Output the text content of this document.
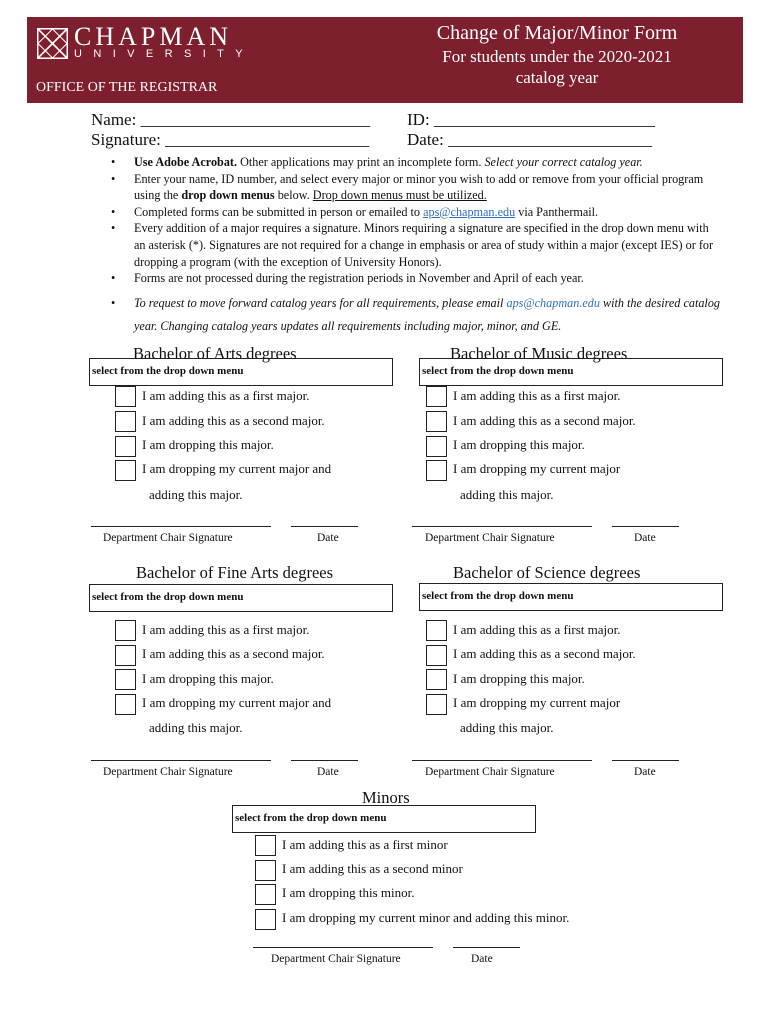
CHAPMAN
UNIVERSITY
OFFICE OF THE REGISTRAR
Change of Major/Minor Form
For students under the 2020-2021
catalog year
Name: ___________________________
Signature: ________________________
ID: __________________________
Date: ________________________
• Use Adobe Acrobat. Other applications may print an incomplete form. Select your correct catalog year.
• Enter your name, ID number, and select every major or minor you wish to add or remove from your official program using the drop down menus below. Drop down menus must be utilized.
• Completed forms can be submitted in person or emailed to aps@chapman.edu via Panthermail.
• Every addition of a major requires a signature. Minors requiring a signature are specified in the drop down menu with an asterisk (*). Signatures are not required for a change in emphasis or area of study within a major (except IES) or for dropping a program (with the exception of University Honors).
• Forms are not processed during the registration periods in November and April of each year.
• To request to move forward catalog years for all requirements, please email aps@chapman.edu with the desired catalog year. Changing catalog years updates all requirements including major, minor, and GE.
Bachelor of Arts degrees
select from the drop down menu
I am adding this as a first major.
I am adding this as a second major.
I am dropping this major.
I am dropping my current major and
adding this major.
Department Chair Signature	Date
Bachelor of Music degrees
select from the drop down menu
I am adding this as a first major.
I am adding this as a second major.
I am dropping this major.
I am dropping my current major
adding this major.
Department Chair Signature	Date
Bachelor of Fine Arts degrees
select from the drop down menu
I am adding this as a first major.
I am adding this as a second major.
I am dropping this major.
I am dropping my current major and
adding this major.
Department Chair Signature	Date
Bachelor of Science degrees
select from the drop down menu
I am adding this as a first major.
I am adding this as a second major.
I am dropping this major.
I am dropping my current major
adding this major.
Department Chair Signature	Date
Minors
select from the drop down menu
I am adding this as a first minor
I am adding this as a second minor
I am dropping this minor.
I am dropping my current minor and adding this minor.
Department Chair Signature	Date
